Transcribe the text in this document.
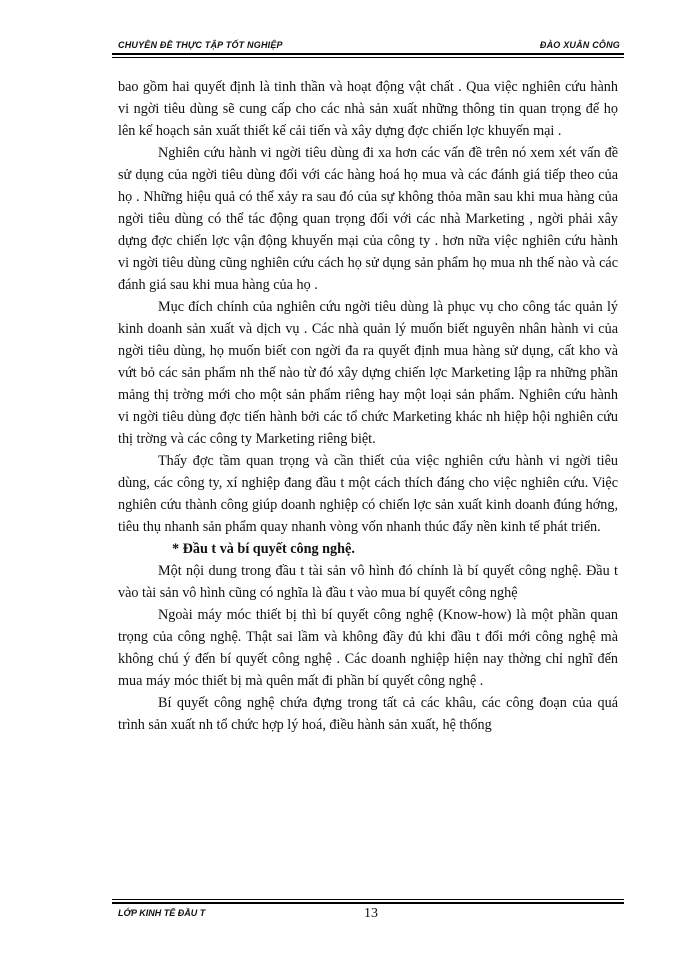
CHUYÊN ĐỀ THỰC TẬP TỐT NGHIỆP	ĐÀO XUÂN CÔNG

bao gồm hai quyết định là tinh thần và hoạt động vật chất . Qua việc nghiên cứu hành vi ngời tiêu dùng sẽ cung cấp cho các nhà sản xuất những thông tin quan trọng để họ lên kế hoạch sản xuất thiết kế cải tiến và xây dựng đợc chiến lợc khuyến mại .

Nghiên cứu hành vi ngời tiêu dùng đi xa hơn các vấn đề trên nó xem xét vấn đề sử dụng của ngời tiêu dùng đối với các hàng hoá họ mua và các đánh giá tiếp theo của họ . Những hiệu quả có thể xảy ra sau đó của sự không thỏa mãn sau khi mua hàng của ngời tiêu dùng có thể tác động quan trọng đối với các nhà Marketing , ngời phải xây dựng đợc chiến lợc vận động khuyến mại của công ty . hơn nữa việc nghiên cứu hành vi ngời tiêu dùng cũng nghiên cứu cách họ sử dụng sản phẩm họ mua nh thế nào và các đánh giá sau khi mua hàng của họ .

Mục đích chính của nghiên cứu ngời tiêu dùng là phục vụ cho công tác quản lý kinh doanh sản xuất và dịch vụ . Các nhà quản lý muốn biết nguyên nhân hành vi của ngời tiêu dùng, họ muốn biết con ngời đa ra quyết định mua hàng sử dụng, cất kho và vứt bỏ các sản phẩm nh thế nào từ đó xây dựng chiến lợc Marketing lập ra những phần mảng thị trờng mới cho một sản phẩm riêng hay một loại sản phẩm. Nghiên cứu hành vi ngời tiêu dùng đợc tiến hành bởi các tổ chức Marketing khác nh hiệp hội nghiên cứu thị trờng và các công ty Marketing riêng biệt.

Thấy đợc tầm quan trọng và cần thiết của việc nghiên cứu hành vi ngời tiêu dùng, các công ty, xí nghiệp đang đầu t một cách thích đáng cho việc nghiên cứu. Việc nghiên cứu thành công giúp doanh nghiệp có chiến lợc sản xuất kinh doanh đúng hớng, tiêu thụ nhanh sản phẩm quay nhanh vòng vốn nhanh thúc đẩy nền kinh tế phát triển.

* Đầu t và bí quyết công nghệ.

Một nội dung trong đầu t tài sản vô hình đó chính là bí quyết công nghệ. Đầu t vào tài sản vô hình cũng có nghĩa là đầu t vào mua bí quyết công nghệ

Ngoài máy móc thiết bị thì bí quyết công nghệ (Know-how) là một phần quan trọng của công nghệ. Thật sai lầm và không đầy đủ khi đầu t đổi mới công nghệ mà không chú ý đến bí quyết công nghệ . Các doanh nghiệp hiện nay thờng chỉ nghĩ đến mua máy móc thiết bị mà quên mất đi phần bí quyết công nghệ .

Bí quyết công nghệ chứa đựng trong tất cả các khâu, các công đoạn của quá trình sản xuất nh tổ chức hợp lý hoá, điều hành sản xuất, hệ thống

LỚP KINH TẾ ĐẦU T	13
